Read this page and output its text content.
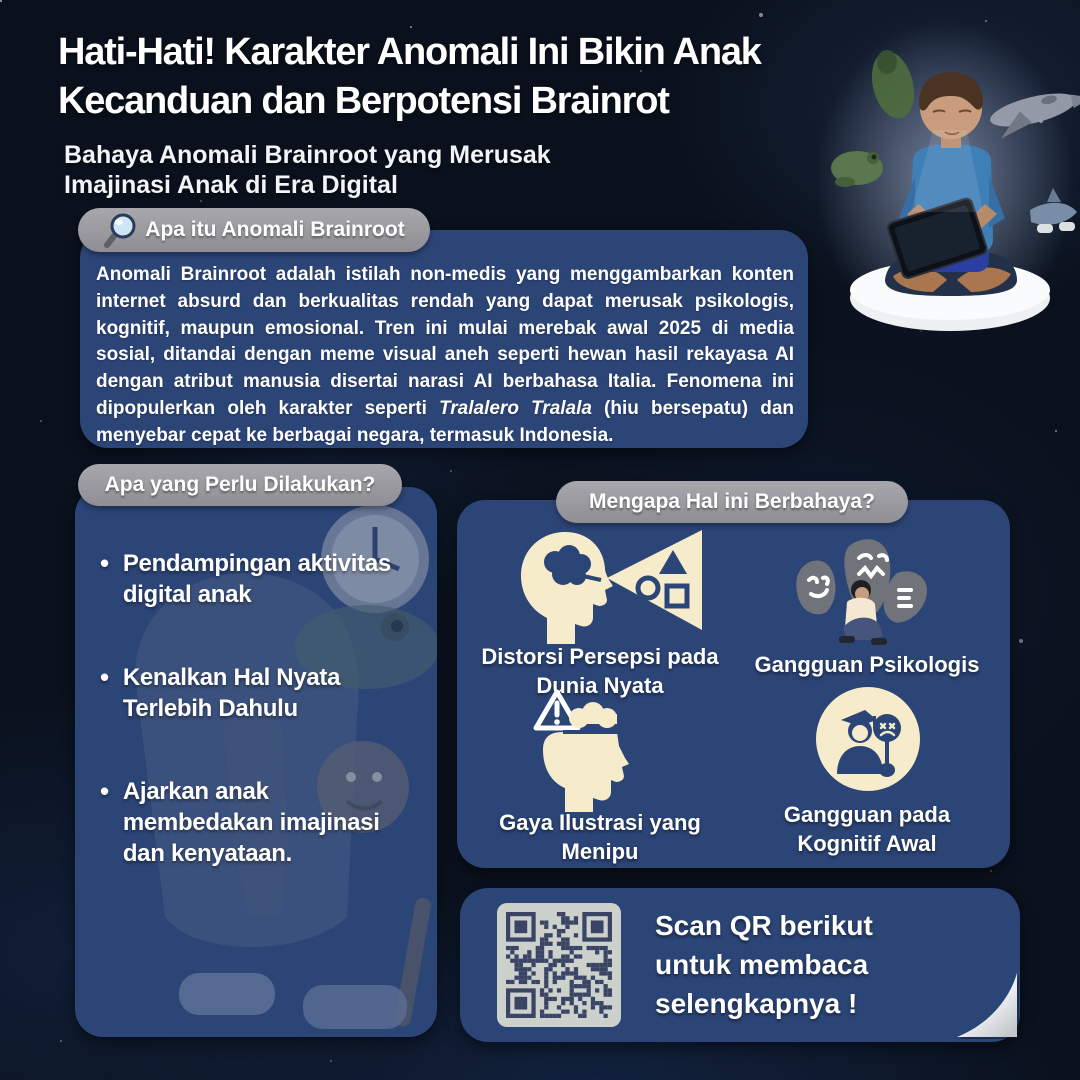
Hati-Hati! Karakter Anomali Ini Bikin Anak
Kecanduan dan Berpotensi Brainrot
Bahaya Anomali Brainroot yang Merusak
Imajinasi Anak di Era Digital
Apa itu Anomali Brainroot
Anomali Brainroot adalah istilah non-medis yang menggambarkan konten internet absurd dan berkualitas rendah yang dapat merusak psikologis, kognitif, maupun emosional. Tren ini mulai merebak awal 2025 di media sosial, ditandai dengan meme visual aneh seperti hewan hasil rekayasa AI dengan atribut manusia disertai narasi AI berbahasa Italia. Fenomena ini dipopulerkan oleh karakter seperti Tralalero Tralala (hiu bersepatu) dan menyebar cepat ke berbagai negara, termasuk Indonesia.
Apa yang Perlu Dilakukan?
• Pendampingan aktivitas digital anak
• Kenalkan Hal Nyata Terlebih Dahulu
• Ajarkan anak membedakan imajinasi dan kenyataan.
Mengapa Hal ini Berbahaya?
Distorsi Persepsi pada Dunia Nyata
Gangguan Psikologis
Gaya Ilustrasi yang Menipu
Gangguan pada Kognitif Awal
Scan QR berikut
untuk membaca
selengkapnya !
